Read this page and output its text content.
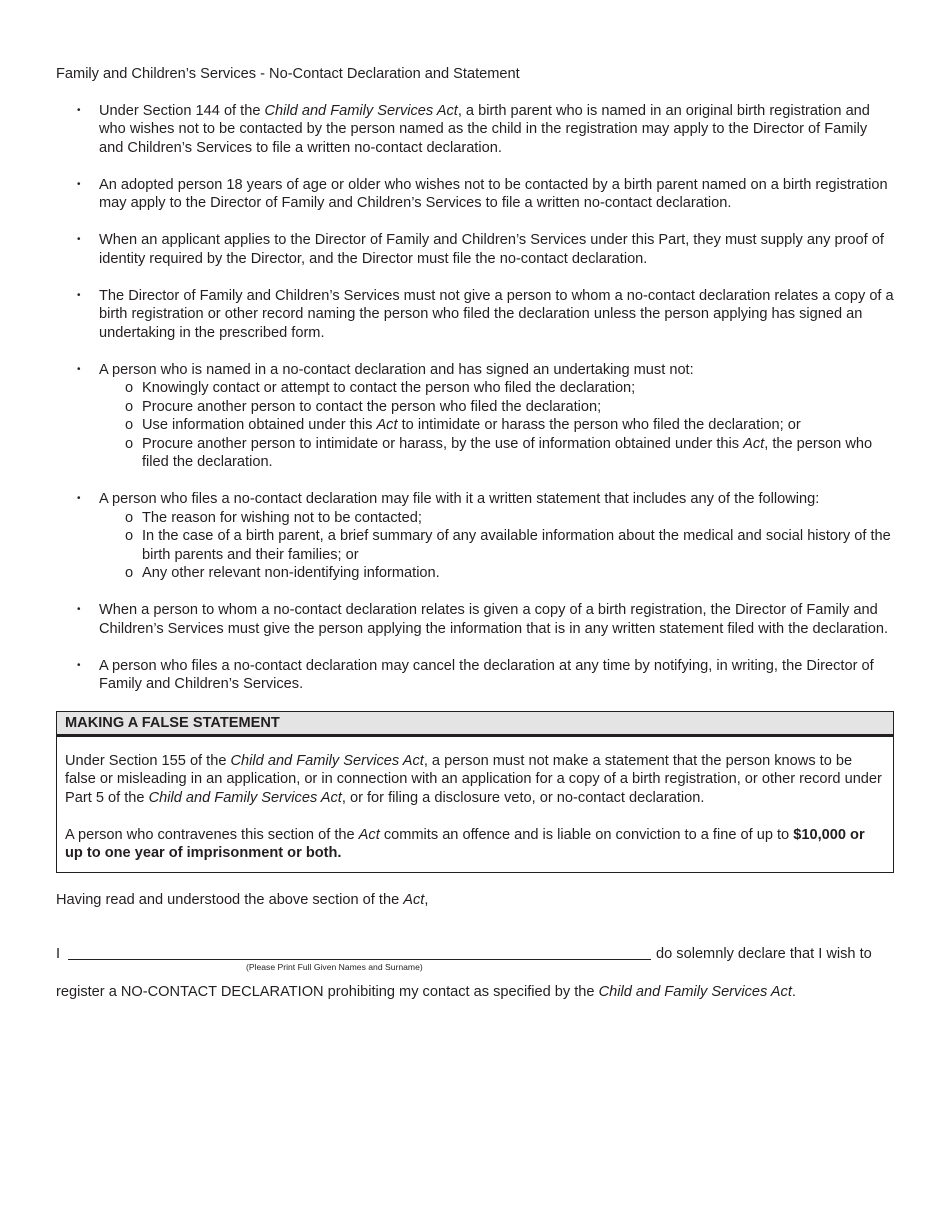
Family and Children’s Services - No-Contact Declaration and Statement
• Under Section 144 of the Child and Family Services Act, a birth parent who is named in an original birth registration and who wishes not to be contacted by the person named as the child in the registration may apply to the Director of Family and Children’s Services to file a written no-contact declaration.
• An adopted person 18 years of age or older who wishes not to be contacted by a birth parent named on a birth registration may apply to the Director of Family and Children’s Services to file a written no-contact declaration.
• When an applicant applies to the Director of Family and Children’s Services under this Part, they must supply any proof of identity required by the Director, and the Director must file the no-contact declaration.
• The Director of Family and Children’s Services must not give a person to whom a no-contact declaration relates a copy of a birth registration or other record naming the person who filed the declaration unless the person applying has signed an undertaking in the prescribed form.
• A person who is named in a no-contact declaration and has signed an undertaking must not:
o Knowingly contact or attempt to contact the person who filed the declaration;
o Procure another person to contact the person who filed the declaration;
o Use information obtained under this Act to intimidate or harass the person who filed the declaration; or
o Procure another person to intimidate or harass, by the use of information obtained under this Act, the person who filed the declaration.
• A person who files a no-contact declaration may file with it a written statement that includes any of the following:
o The reason for wishing not to be contacted;
o In the case of a birth parent, a brief summary of any available information about the medical and social history of the birth parents and their families; or
o Any other relevant non-identifying information.
• When a person to whom a no-contact declaration relates is given a copy of a birth registration, the Director of Family and Children’s Services must give the person applying the information that is in any written statement filed with the declaration.
• A person who files a no-contact declaration may cancel the declaration at any time by notifying, in writing, the Director of Family and Children’s Services.
MAKING A FALSE STATEMENT

Under Section 155 of the Child and Family Services Act, a person must not make a statement that the person knows to be false or misleading in an application, or in connection with an application for a copy of a birth registration, or other record under Part 5 of the Child and Family Services Act, or for filing a disclosure veto, or no-contact declaration.

A person who contravenes this section of the Act commits an offence and is liable on conviction to a fine of up to $10,000 or up to one year of imprisonment or both.

Having read and understood the above section of the Act,

I	do solemnly declare that I wish to
(Please Print Full Given Names and Surname)

register a NO-CONTACT DECLARATION prohibiting my contact as specified by the Child and Family Services Act.
